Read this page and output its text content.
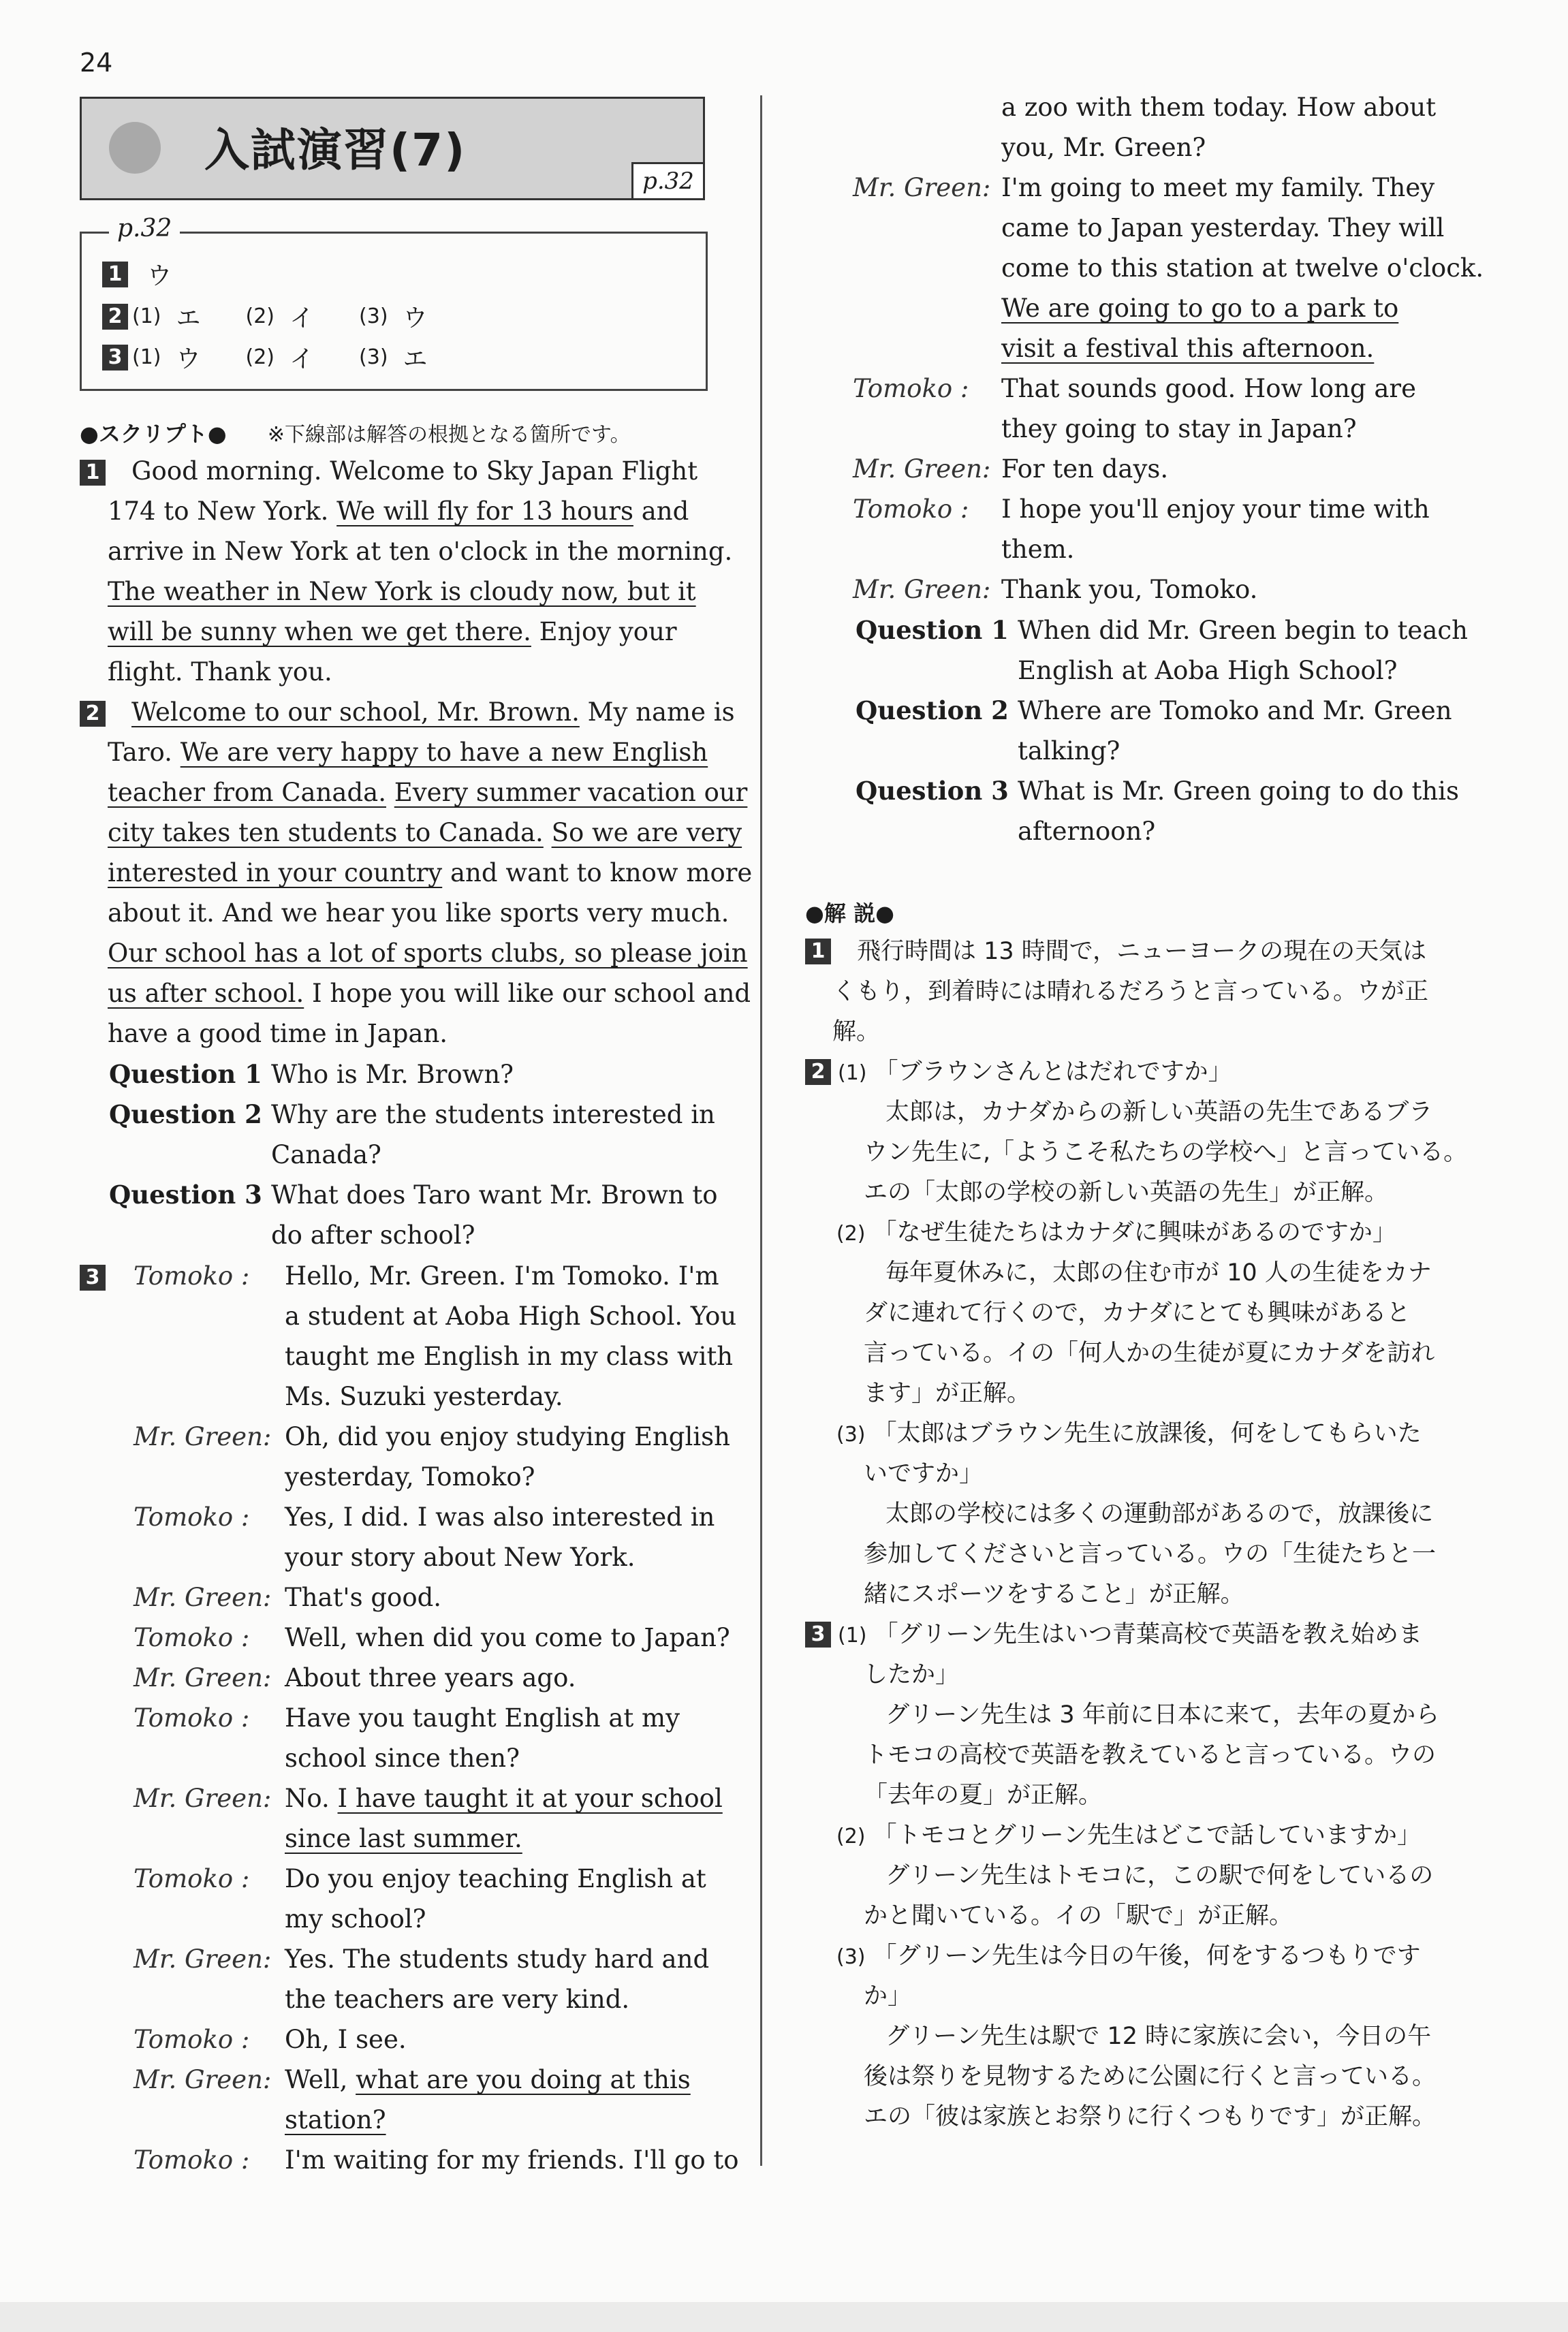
24
入試演習(7)
p.32
p.32
1 ウ
2 (1) エ (2) イ (3) ウ
3 (1) ウ (2) イ (3) エ
●スクリプト● ※下線部は解答の根拠となる箇所です。
1 Good morning. Welcome to Sky Japan Flight
174 to New York. We will fly for 13 hours and
arrive in New York at ten o'clock in the morning.
The weather in New York is cloudy now, but it
will be sunny when we get there. Enjoy your
flight. Thank you.
2 Welcome to our school, Mr. Brown. My name is
Taro. We are very happy to have a new English
teacher from Canada. Every summer vacation our
city takes ten students to Canada. So we are very
interested in your country and want to know more
about it. And we hear you like sports very much.
Our school has a lot of sports clubs, so please join
us after school. I hope you will like our school and
have a good time in Japan.
Question 1 Who is Mr. Brown?
Question 2 Why are the students interested in
Canada?
Question 3 What does Taro want Mr. Brown to
do after school?
3 Tomoko : Hello, Mr. Green. I'm Tomoko. I'm
a student at Aoba High School. You
taught me English in my class with
Ms. Suzuki yesterday.
Mr. Green: Oh, did you enjoy studying English
yesterday, Tomoko?
Tomoko : Yes, I did. I was also interested in
your story about New York.
Mr. Green: That's good.
Tomoko : Well, when did you come to Japan?
Mr. Green: About three years ago.
Tomoko : Have you taught English at my
school since then?
Mr. Green: No. I have taught it at your school
since last summer.
Tomoko : Do you enjoy teaching English at
my school?
Mr. Green: Yes. The students study hard and
the teachers are very kind.
Tomoko : Oh, I see.
Mr. Green: Well, what are you doing at this
station?
Tomoko : I'm waiting for my friends. I'll go to
a zoo with them today. How about
you, Mr. Green?
Mr. Green: I'm going to meet my family. They
came to Japan yesterday. They will
come to this station at twelve o'clock.
We are going to go to a park to
visit a festival this afternoon.
Tomoko : That sounds good. How long are
they going to stay in Japan?
Mr. Green: For ten days.
Tomoko : I hope you'll enjoy your time with
them.
Mr. Green: Thank you, Tomoko.
Question 1 When did Mr. Green begin to teach
English at Aoba High School?
Question 2 Where are Tomoko and Mr. Green
talking?
Question 3 What is Mr. Green going to do this
afternoon?
●解 説●
1 飛行時間は 13 時間で，ニューヨークの現在の天気は
くもり，到着時には晴れるだろうと言っている。ウが正
解。
2 (1) 「ブラウンさんとはだれですか」
太郎は，カナダからの新しい英語の先生であるブラ
ウン先生に,「ようこそ私たちの学校へ」と言っている。
エの「太郎の学校の新しい英語の先生」が正解。
(2) 「なぜ生徒たちはカナダに興味があるのですか」
毎年夏休みに，太郎の住む市が 10 人の生徒をカナ
ダに連れて行くので，カナダにとても興味があると
言っている。イの「何人かの生徒が夏にカナダを訪れ
ます」が正解。
(3) 「太郎はブラウン先生に放課後，何をしてもらいた
いですか」
太郎の学校には多くの運動部があるので，放課後に
参加してくださいと言っている。ウの「生徒たちと一
緒にスポーツをすること」が正解。
3 (1) 「グリーン先生はいつ青葉高校で英語を教え始めま
したか」
グリーン先生は 3 年前に日本に来て，去年の夏から
トモコの高校で英語を教えていると言っている。ウの
「去年の夏」が正解。
(2) 「トモコとグリーン先生はどこで話していますか」
グリーン先生はトモコに，この駅で何をしているの
かと聞いている。イの「駅で」が正解。
(3) 「グリーン先生は今日の午後，何をするつもりです
か」
グリーン先生は駅で 12 時に家族に会い，今日の午
後は祭りを見物するために公園に行くと言っている。
エの「彼は家族とお祭りに行くつもりです」が正解。
